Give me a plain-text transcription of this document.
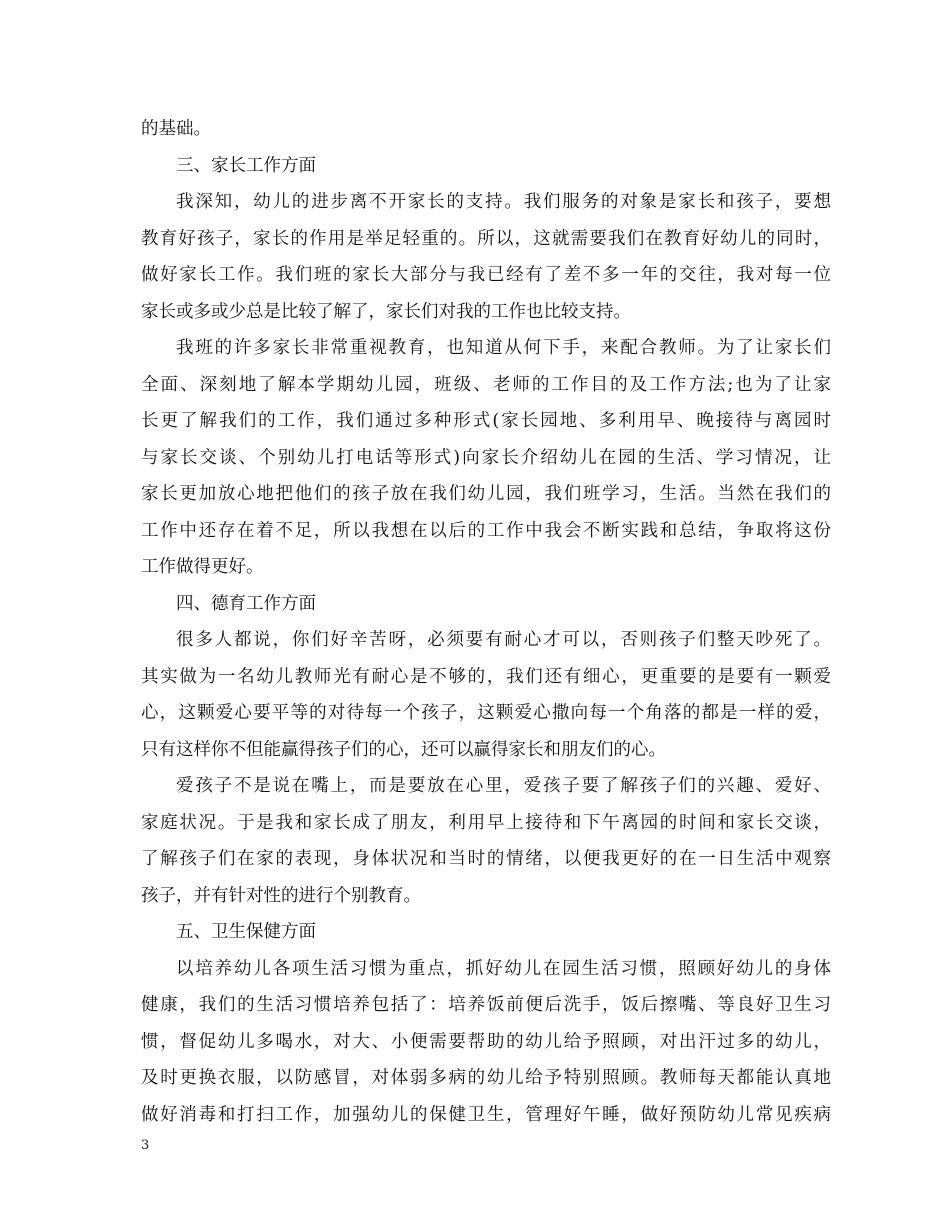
的基础。
三、家长工作方面
我深知，幼儿的进步离不开家长的支持。我们服务的对象是家长和孩子，要想
教育好孩子，家长的作用是举足轻重的。所以，这就需要我们在教育好幼儿的同时，
做好家长工作。我们班的家长大部分与我已经有了差不多一年的交往，我对每一位
家长或多或少总是比较了解了，家长们对我的工作也比较支持。
我班的许多家长非常重视教育，也知道从何下手，来配合教师。为了让家长们
全面、深刻地了解本学期幼儿园，班级、老师的工作目的及工作方法;也为了让家
长更了解我们的工作，我们通过多种形式(家长园地、多利用早、晚接待与离园时
与家长交谈、个别幼儿打电话等形式)向家长介绍幼儿在园的生活、学习情况，让
家长更加放心地把他们的孩子放在我们幼儿园，我们班学习，生活。当然在我们的
工作中还存在着不足，所以我想在以后的工作中我会不断实践和总结，争取将这份
工作做得更好。
四、德育工作方面
很多人都说，你们好辛苦呀，必须要有耐心才可以，否则孩子们整天吵死了。
其实做为一名幼儿教师光有耐心是不够的，我们还有细心，更重要的是要有一颗爱
心，这颗爱心要平等的对待每一个孩子，这颗爱心撒向每一个角落的都是一样的爱，
只有这样你不但能赢得孩子们的心，还可以赢得家长和朋友们的心。
爱孩子不是说在嘴上，而是要放在心里，爱孩子要了解孩子们的兴趣、爱好、
家庭状况。于是我和家长成了朋友，利用早上接待和下午离园的时间和家长交谈，
了解孩子们在家的表现，身体状况和当时的情绪，以便我更好的在一日生活中观察
孩子，并有针对性的进行个别教育。
五、卫生保健方面
以培养幼儿各项生活习惯为重点，抓好幼儿在园生活习惯，照顾好幼儿的身体
健康，我们的生活习惯培养包括了：培养饭前便后洗手，饭后擦嘴、等良好卫生习
惯，督促幼儿多喝水，对大、小便需要帮助的幼儿给予照顾，对出汗过多的幼儿，
及时更换衣服，以防感冒，对体弱多病的幼儿给予特别照顾。教师每天都能认真地
做好消毒和打扫工作，加强幼儿的保健卫生，管理好午睡，做好预防幼儿常见疾病
3
